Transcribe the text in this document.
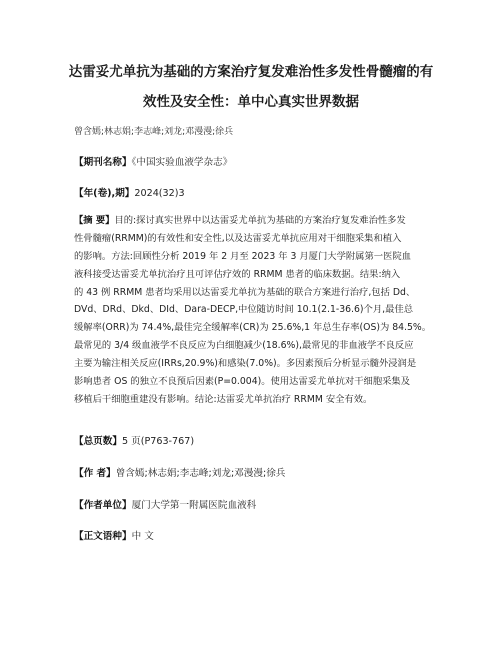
达雷妥尤单抗为基础的方案治疗复发难治性多发性骨髓瘤的有
效性及安全性：单中心真实世界数据
曾含嫣;林志娟;李志峰;刘龙;邓漫漫;徐兵
【期刊名称】《中国实验血液学杂志》
【年(卷),期】2024(32)3
【摘 要】目的:探讨真实世界中以达雷妥尤单抗为基础的方案治疗复发难治性多发
性骨髓瘤(RRMM)的有效性和安全性,以及达雷妥尤单抗应用对干细胞采集和植入
的影响。方法:回顾性分析 2019 年 2 月至 2023 年 3 月厦门大学附属第一医院血
液科接受达雷妥尤单抗治疗且可评估疗效的 RRMM 患者的临床数据。结果:纳入
的 43 例 RRMM 患者均采用以达雷妥尤单抗为基础的联合方案进行治疗,包括 Dd、
DVd、DRd、Dkd、DId、Dara-DECP,中位随访时间 10.1(2.1-36.6)个月,最佳总
缓解率(ORR)为 74.4%,最佳完全缓解率(CR)为 25.6%,1 年总生存率(OS)为 84.5%。
最常见的 3/4 级血液学不良反应为白细胞减少(18.6%),最常见的非血液学不良反应
主要为输注相关反应(IRRs,20.9%)和感染(7.0%)。多因素预后分析显示髓外浸润是
影响患者 OS 的独立不良预后因素(P=0.004)。使用达雷妥尤单抗对干细胞采集及
移植后干细胞重建没有影响。结论:达雷妥尤单抗治疗 RRMM 安全有效。
【总页数】5 页(P763-767)
【作 者】曾含嫣;林志娟;李志峰;刘龙;邓漫漫;徐兵
【作者单位】厦门大学第一附属医院血液科
【正文语种】中 文
